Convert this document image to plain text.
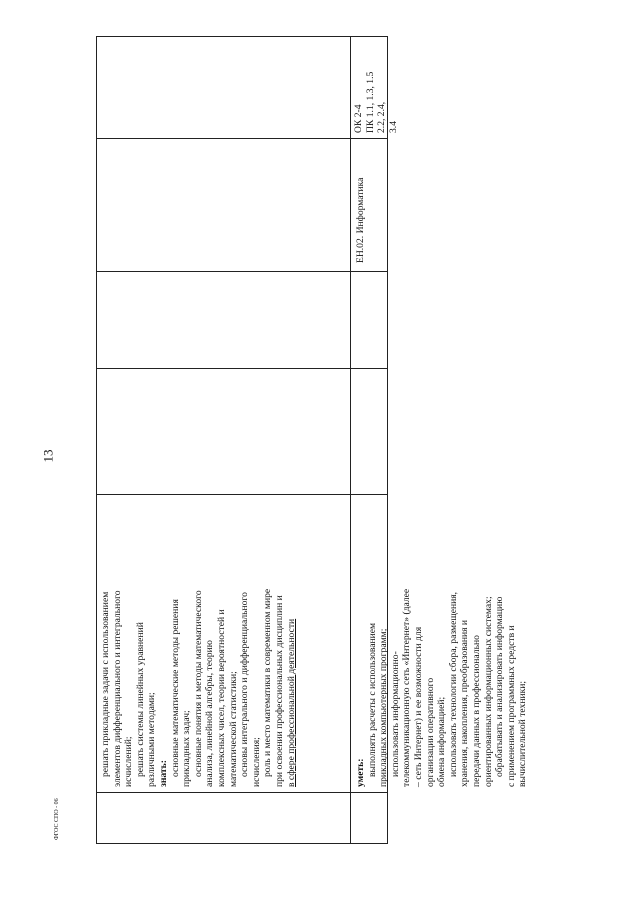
13
ФГОС СПО - 06
ОК 2-4 ПК 1.1, 1.3, 1.5 2.2, 2.4, 3.4
ЕН.02. Информатика
решать прикладные задачи с использованием элементов дифференциального и интегрального исчислений; решать системы линейных уравнений различными методами; знать: основные математические методы решения прикладных задач; основные понятия и методы математического анализа, линейной алгебры, теорию комплексных чисел, теории вероятностей и математической статистики; основы интегрального и дифференциального исчисления; роль и место математики в современном мире при освоении профессиональных дисциплин и в сфере профессиональной деятельности	уметь: выполнять расчеты с использованием прикладных компьютерных программ; использовать информационно- телекоммуникационную сеть «Интернет» (далее – сеть Интернет) и ее возможности для организации оперативного обмена информацией; использовать технологии сбора, размещения, хранения, накопления, преобразования и передачи данных в профессионально ориентированных информационных системах; обрабатывать и анализировать информацию с применением программных средств и вычислительной техники;
